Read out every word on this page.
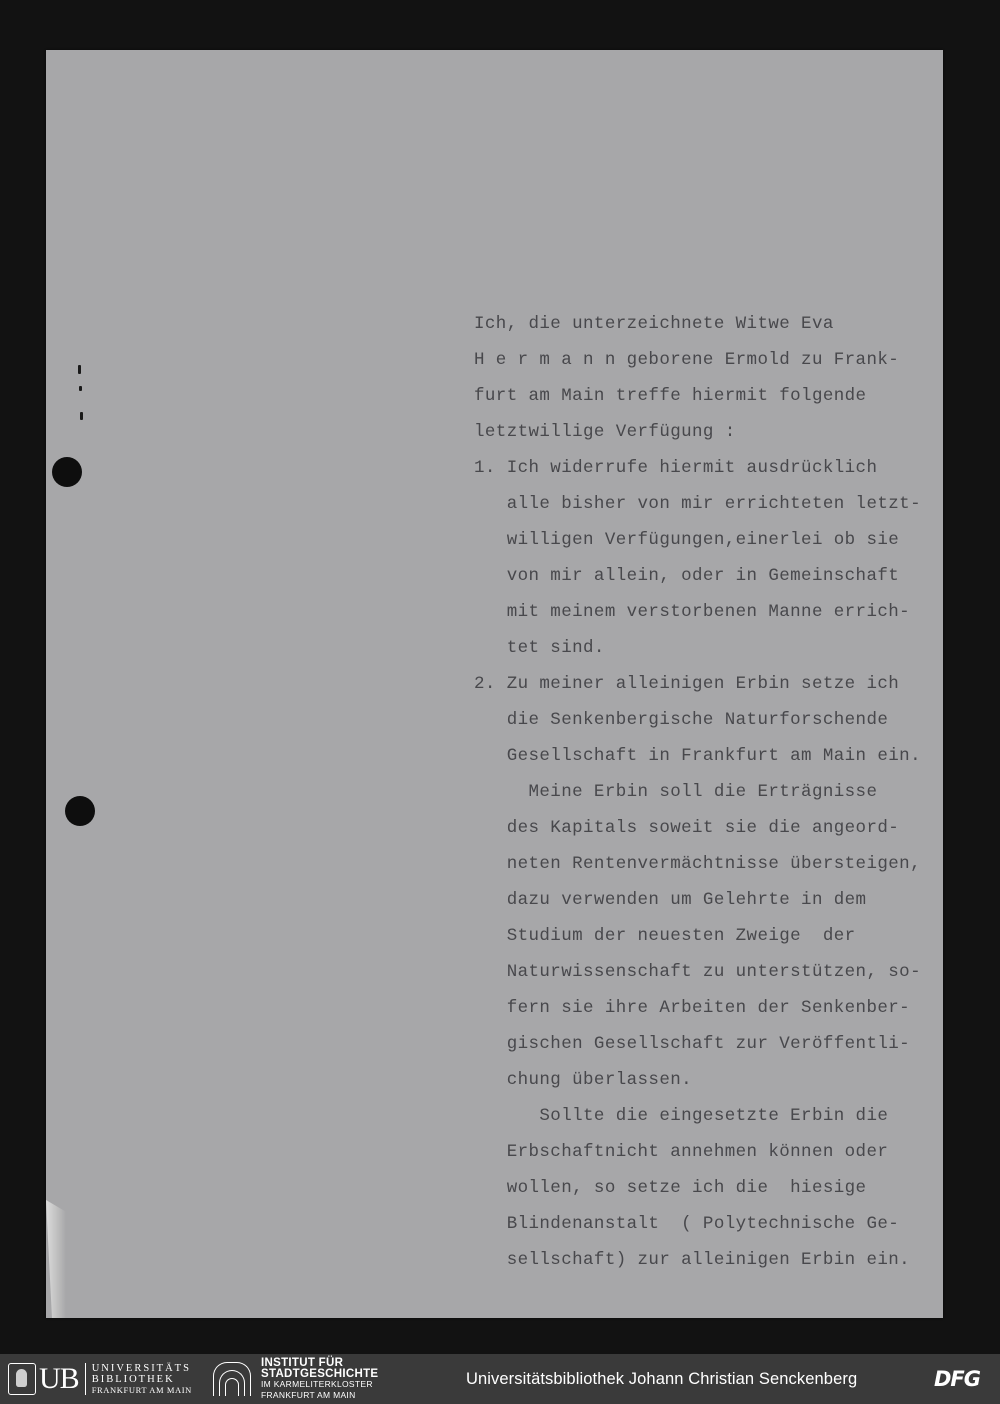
Ich, die unterzeichnete Witwe Eva
H e r m a n n geborene Ermold zu Frank-
furt am Main treffe hiermit folgende
letztwillige Verfügung :
1. Ich widerrufe hiermit ausdrücklich
alle bisher von mir errichteten letzt-
willigen Verfügungen,einerlei ob sie
von mir allein, oder in Gemeinschaft
mit meinem verstorbenen Manne errich-
tet sind.
2. Zu meiner alleinigen Erbin setze ich
die Senkenbergische Naturforschende
Gesellschaft in Frankfurt am Main ein.
Meine Erbin soll die Erträgnisse
des Kapitals soweit sie die angeord-
neten Rentenvermächtnisse übersteigen,
dazu verwenden um Gelehrte in dem
Studium der neuesten Zweige  der
Naturwissenschaft zu unterstützen, so-
fern sie ihre Arbeiten der Senkenber-
gischen Gesellschaft zur Veröffentli-
chung überlassen.
Sollte die eingesetzte Erbin die
Erbschaftnicht annehmen können oder
wollen, so setze ich die  hiesige
Blindenanstalt  ( Polytechnische Ge-
sellschaft) zur alleinigen Erbin ein.
UB	UNIVERSITÄTS
BIBLIOTHEK
FRANKFURT AM MAIN
INSTITUT FÜR
STADTGESCHICHTE
IM KARMELITERKLOSTER
FRANKFURT AM MAIN
Universitätsbibliothek Johann Christian Senckenberg	DFG
